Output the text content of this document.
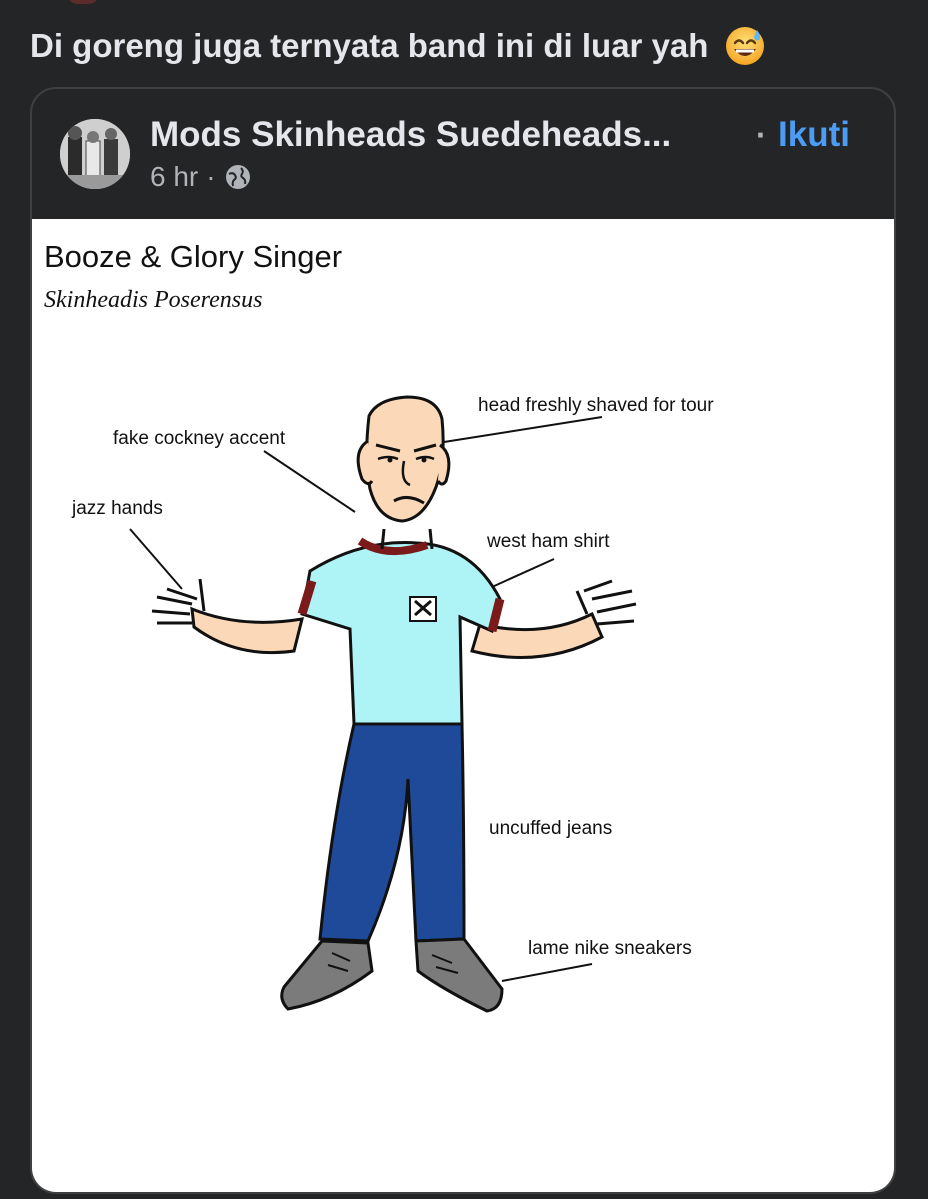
Di goreng juga ternyata band ini di luar yah
Mods Skinheads Suedeheads...	· Ikuti
6 hr ·
Booze & Glory Singer
Skinheadis Poserensus
head freshly shaved for tour
fake cockney accent
jazz hands
west ham shirt
uncuffed jeans
lame nike sneakers
